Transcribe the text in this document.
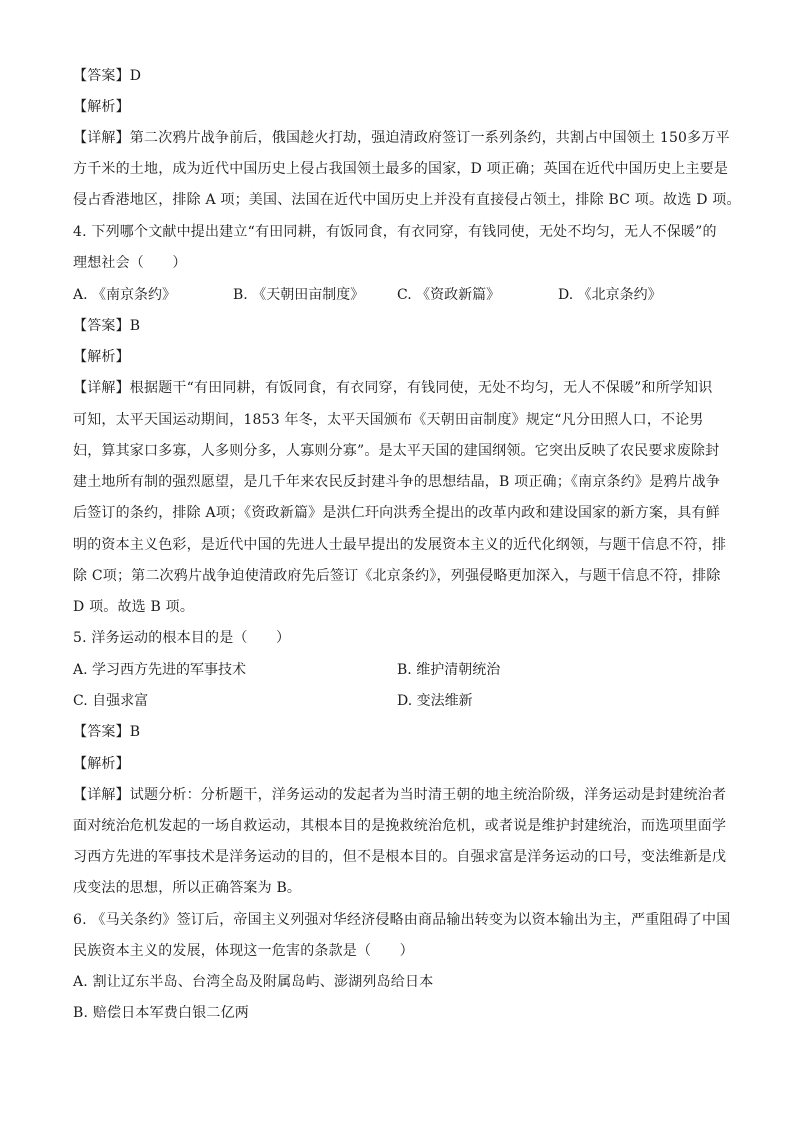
【答案】D
【解析】
【详解】第二次鸦片战争前后，俄国趁火打劫，强迫清政府签订一系列条约，共割占中国领土 150多万平
方千米的土地，成为近代中国历史上侵占我国领土最多的国家，D 项正确；英国在近代中国历史上主要是
侵占香港地区，排除 A 项；美国、法国在近代中国历史上并没有直接侵占领土，排除 BC 项。故选 D 项。
4. 下列哪个文献中提出建立“有田同耕，有饭同食，有衣同穿，有钱同使，无处不均匀，无人不保暖”的
理想社会（　　）
A. 《南京条约》	B. 《天朝田亩制度》 C. 《资政新篇》	D. 《北京条约》
【答案】B
【解析】
【详解】根据题干“有田同耕，有饭同食，有衣同穿，有钱同使，无处不均匀，无人不保暖”和所学知识
可知，太平天国运动期间，1853 年冬，太平天国颁布《天朝田亩制度》规定“凡分田照人口，不论男
妇，算其家口多寡，人多则分多，人寡则分寡”。是太平天国的建国纲领。它突出反映了农民要求废除封
建土地所有制的强烈愿望，是几千年来农民反封建斗争的思想结晶，B 项正确；《南京条约》是鸦片战争
后签订的条约，排除 A项；《资政新篇》是洪仁玕向洪秀全提出的改革内政和建设国家的新方案，具有鲜
明的资本主义色彩，是近代中国的先进人士最早提出的发展资本主义的近代化纲领，与题干信息不符，排
除 C项；第二次鸦片战争迫使清政府先后签订《北京条约》，列强侵略更加深入，与题干信息不符，排除
D 项。故选 B 项。
5. 洋务运动的根本目的是（　　）
A. 学习西方先进的军事技术	B. 维护清朝统治
C. 自强求富	D. 变法维新
【答案】B
【解析】
【详解】试题分析：分析题干，洋务运动的发起者为当时清王朝的地主统治阶级，洋务运动是封建统治者
面对统治危机发起的一场自救运动，其根本目的是挽救统治危机，或者说是维护封建统治，而选项里面学
习西方先进的军事技术是洋务运动的目的，但不是根本目的。自强求富是洋务运动的口号，变法维新是戊
戌变法的思想，所以正确答案为 B。
6. 《马关条约》签订后，帝国主义列强对华经济侵略由商品输出转变为以资本输出为主，严重阻碍了中国
民族资本主义的发展，体现这一危害的条款是（　　）
A. 割让辽东半岛、台湾全岛及附属岛屿、澎湖列岛给日本
B. 赔偿日本军费白银二亿两
